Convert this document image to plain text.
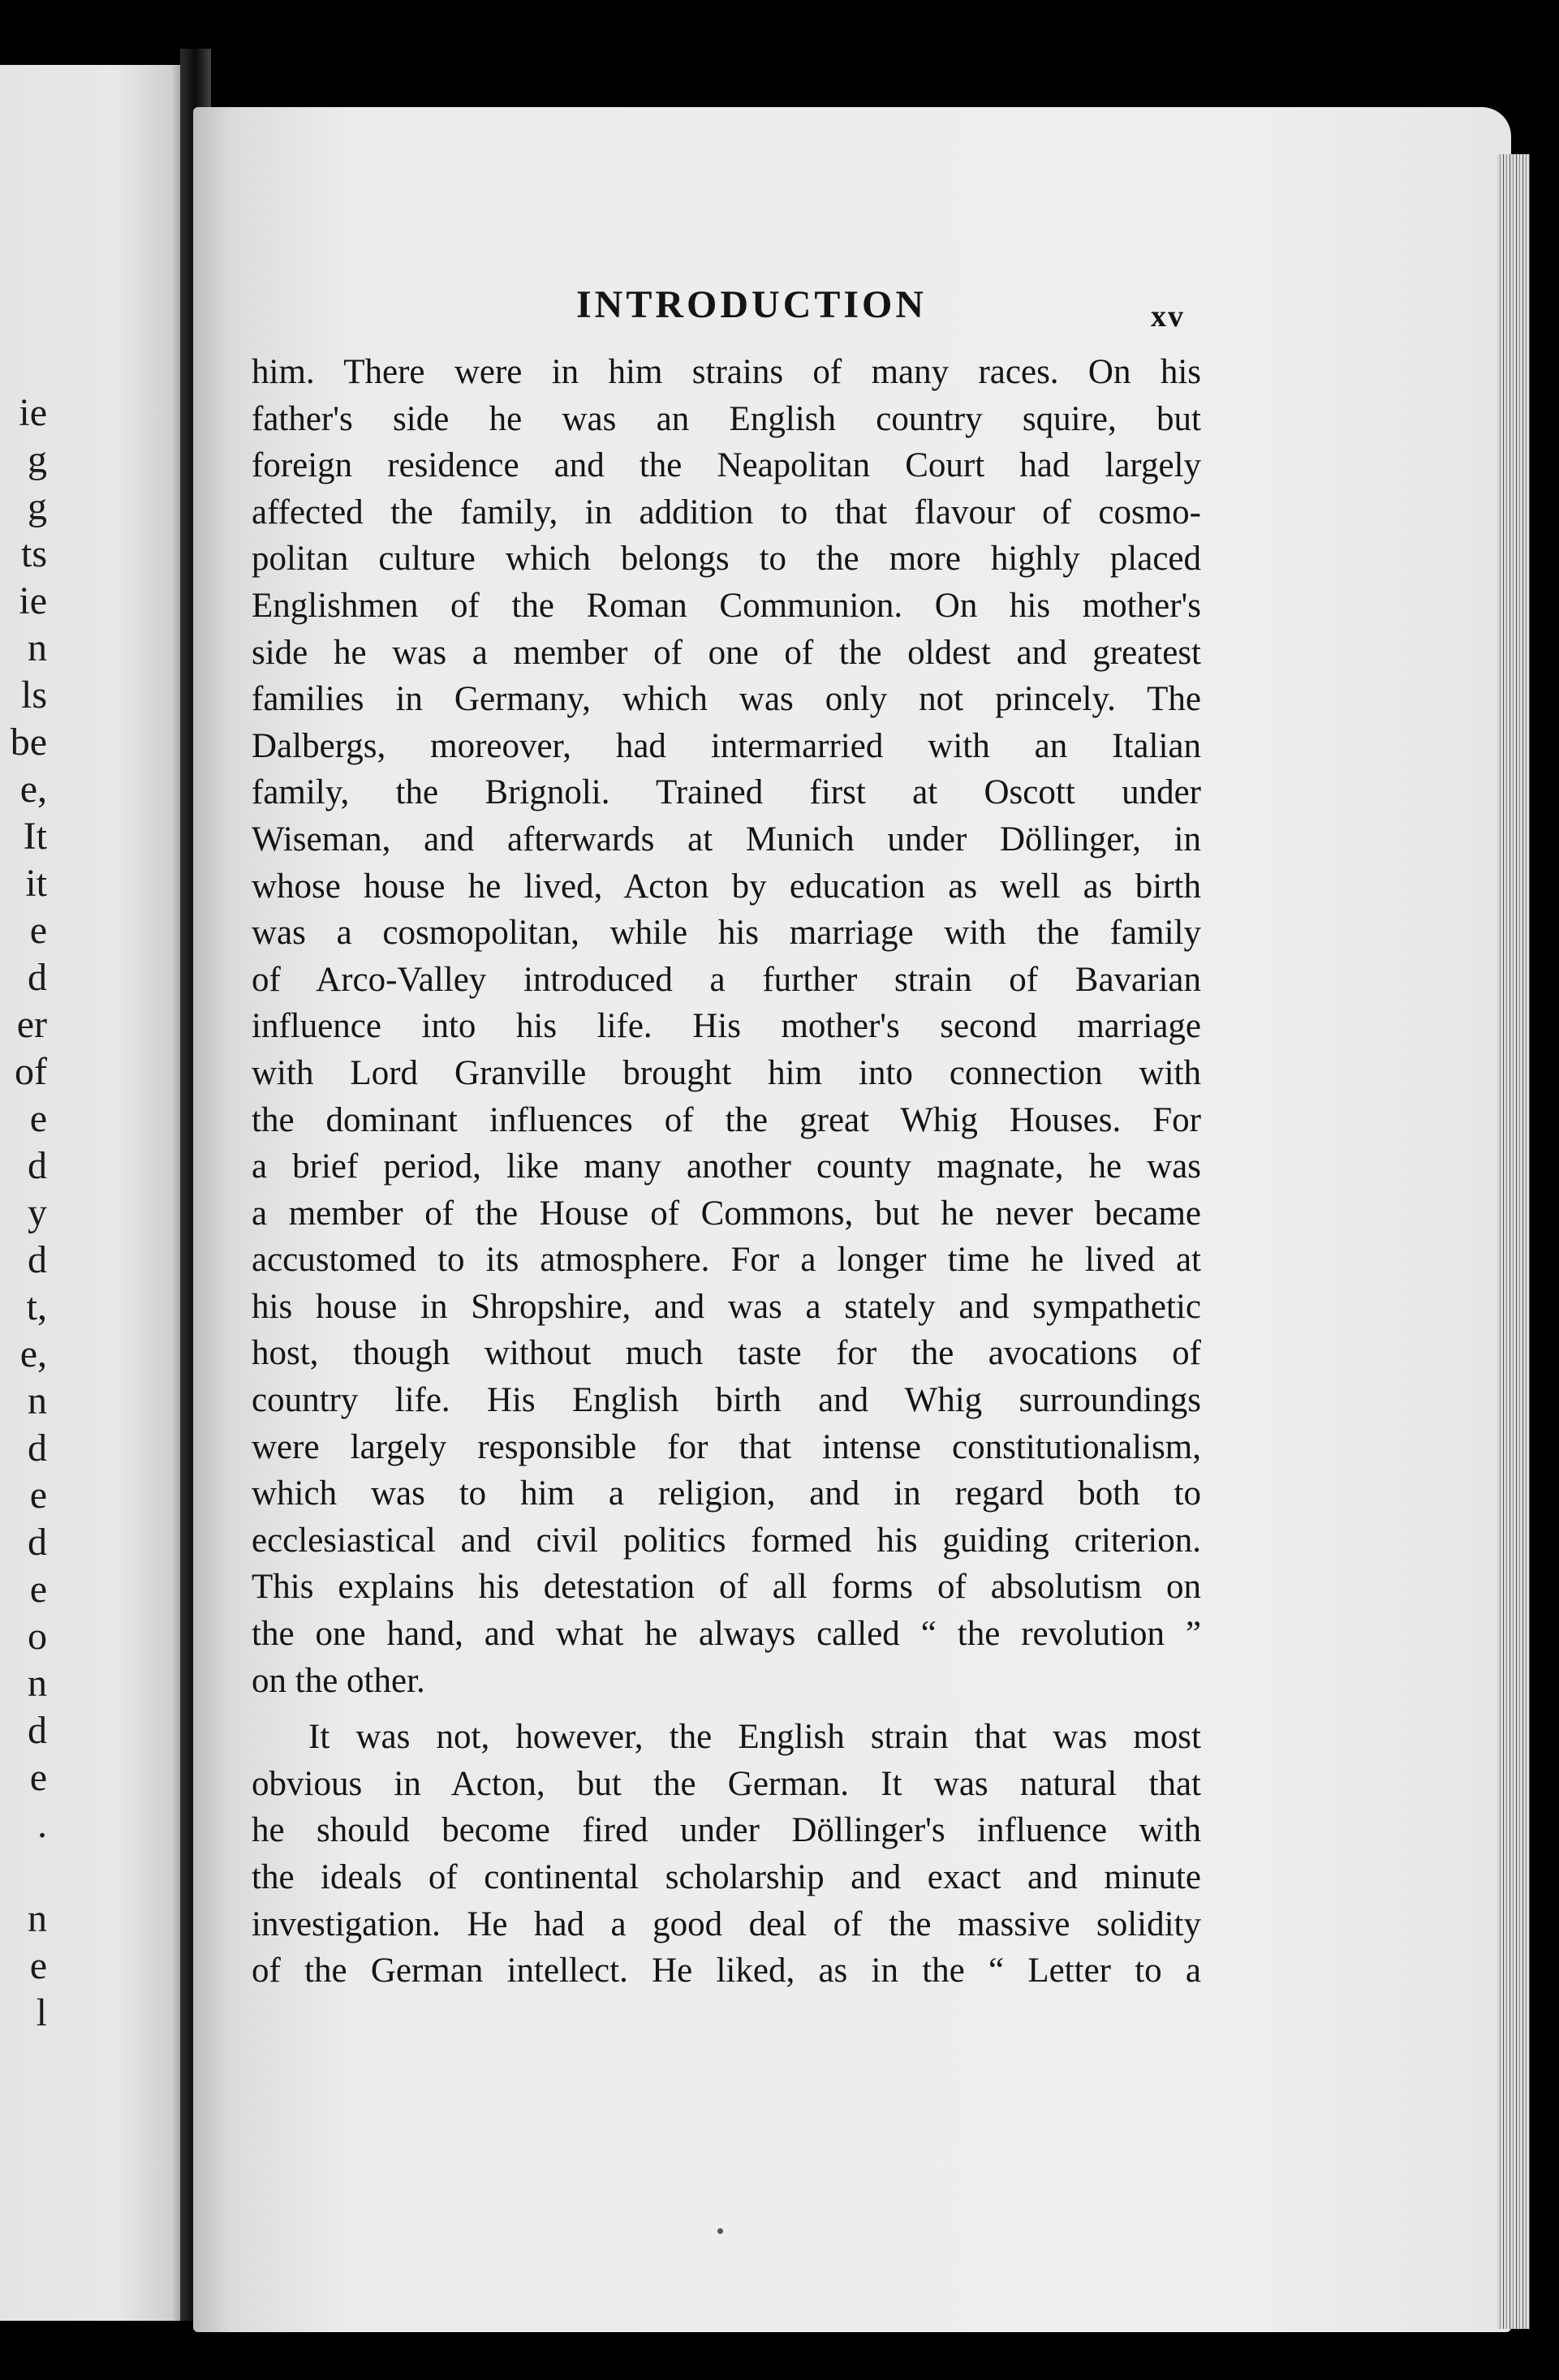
ie
g
g
ts
ie
n
ls
be
e,
It
it
e
d
er
of
e
d
y
d
t,
e,
n
d
e
d
e
o
n
d
e
.
n
e
l
INTRODUCTION	xv
him. There were in him strains of many races. On his
father's side he was an English country squire, but
foreign residence and the Neapolitan Court had largely
affected the family, in addition to that flavour of cosmo-
politan culture which belongs to the more highly placed
Englishmen of the Roman Communion. On his mother's
side he was a member of one of the oldest and greatest
families in Germany, which was only not princely. The
Dalbergs, moreover, had intermarried with an Italian
family, the Brignoli. Trained first at Oscott under
Wiseman, and afterwards at Munich under Döllinger, in
whose house he lived, Acton by education as well as birth
was a cosmopolitan, while his marriage with the family
of Arco-Valley introduced a further strain of Bavarian
influence into his life. His mother's second marriage
with Lord Granville brought him into connection with
the dominant influences of the great Whig Houses. For
a brief period, like many another county magnate, he was
a member of the House of Commons, but he never became
accustomed to its atmosphere. For a longer time he lived at
his house in Shropshire, and was a stately and sympathetic
host, though without much taste for the avocations of
country life. His English birth and Whig surroundings
were largely responsible for that intense constitutionalism,
which was to him a religion, and in regard both to
ecclesiastical and civil politics formed his guiding criterion.
This explains his detestation of all forms of absolutism on
the one hand, and what he always called “ the revolution ”
on the other.
It was not, however, the English strain that was most
obvious in Acton, but the German. It was natural that
he should become fired under Döllinger's influence with
the ideals of continental scholarship and exact and minute
investigation. He had a good deal of the massive solidity
of the German intellect. He liked, as in the “ Letter to a
